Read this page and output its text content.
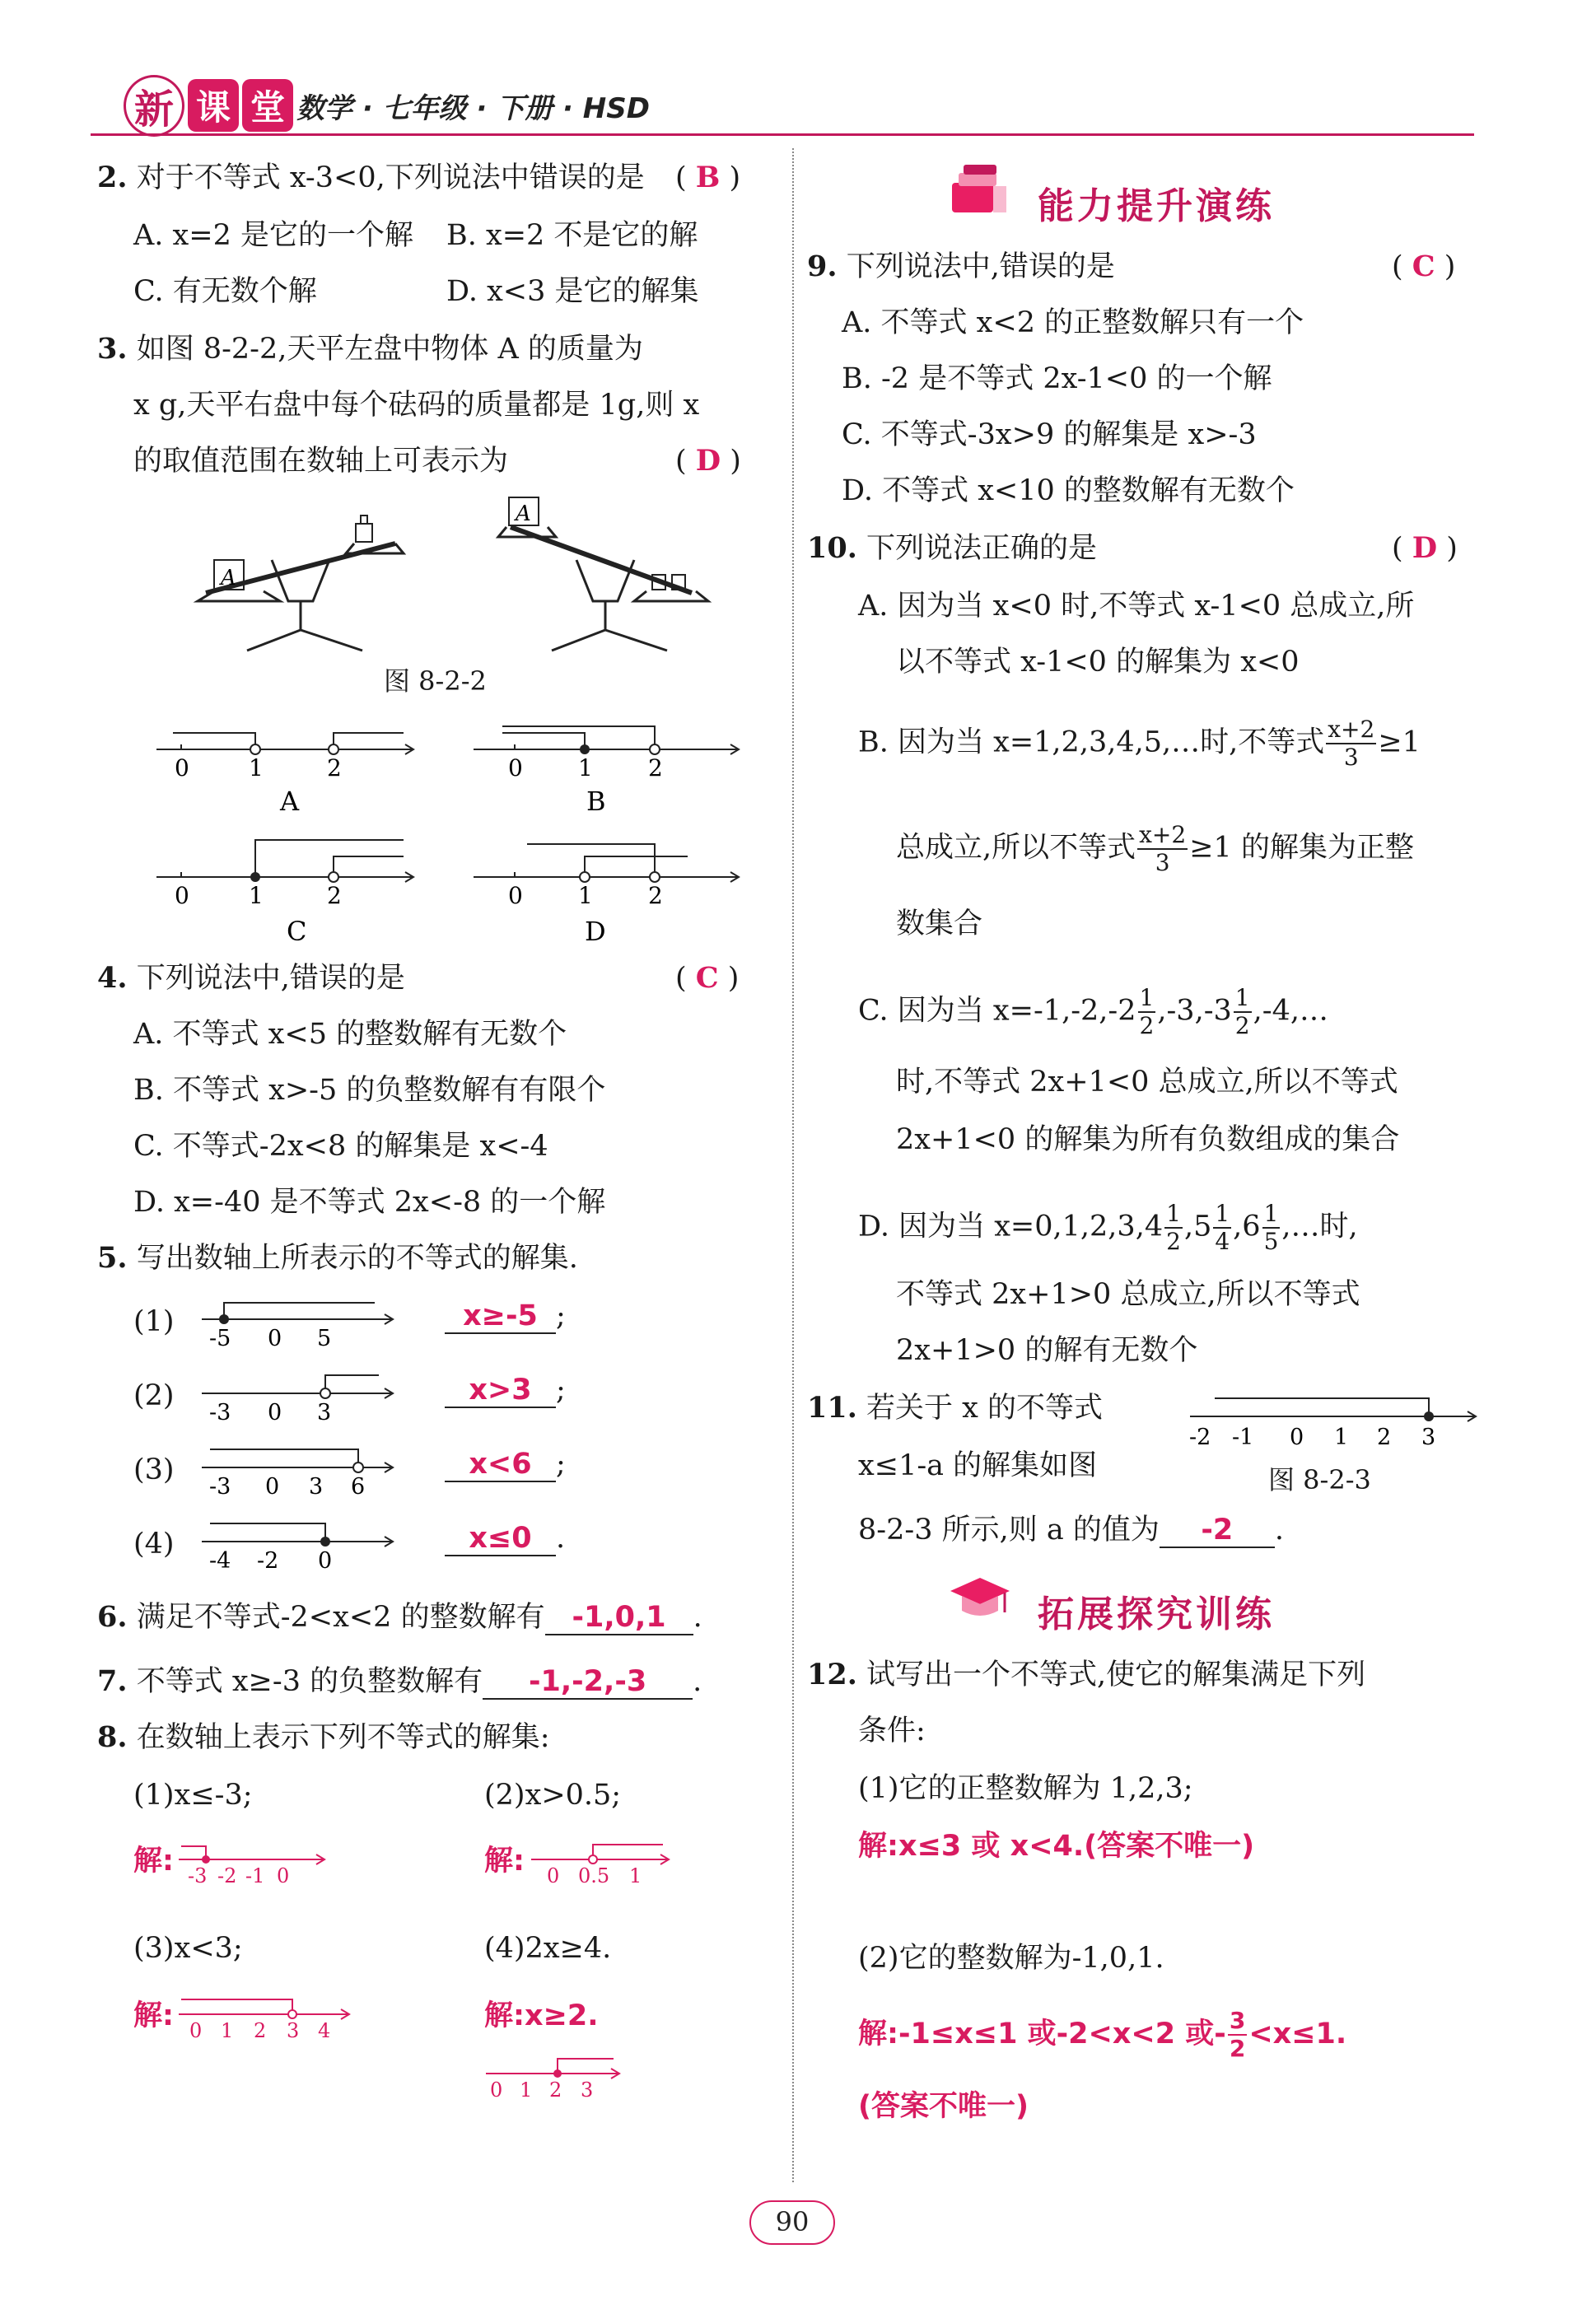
新 课 堂 数学 · 七年级 · 下册 · HSD
2. 对于不等式 x-3<0,下列说法中错误的是 ( B )
A. x=2 是它的一个解 B. x=2 不是它的解
C. 有无数个解	D. x<3 是它的解集
3. 如图 8-2-2,天平左盘中物体 A 的质量为
x g,天平右盘中每个砝码的质量都是 1g,则 x
的取值范围在数轴上可表示为	( D )
A
A
图 8-2-2
0	1	2
A
0 1 2
B
0	1	2
C
0 1 2
D
4. 下列说法中,错误的是	( C )
A. 不等式 x<5 的整数解有无数个
B. 不等式 x>-5 的负整数解有有限个
C. 不等式-2x<8 的解集是 x<-4
D. x=-40 是不等式 2x<-8 的一个解
5. 写出数轴上所表示的不等式的解集.
(1)
-5 0 5
x≥-5 ;
(2)
-3 0 3
x>3 ;
(3)
-3 0 3 6
x<6 ;
(4)
-4 -2 0
x≤0 .
6. 满足不等式-2<x<2 的整数解有 -1,0,1 .
7. 不等式 x≥-3 的负整数解有 -1,-2,-3 .
8. 在数轴上表示下列不等式的解集:
(1)x≤-3;	(2)x>0.5;
解: -3 -2 -1 0	解: 0 0.5 1
(3)x<3;	(4)2x≥4.
解: 0 1 2 3 4	解:x≥2.
0 1 2 3
能力提升演练
9. 下列说法中,错误的是	( C )
A. 不等式 x<2 的正整数解只有一个
B. -2 是不等式 2x-1<0 的一个解
C. 不等式-3x>9 的解集是 x>-3
D. 不等式 x<10 的整数解有无数个
10. 下列说法正确的是	( D )
A. 因为当 x<0 时,不等式 x-1<0 总成立,所
以不等式 x-1<0 的解集为 x<0
B. 因为当 x=1,2,3,4,5,…时,不等式 $\frac{x+2}{3} \ge 1$
总成立,所以不等式 $\frac{x+2}{3} \ge 1$ 的解集为正整
数集合
C. 因为当 $x=-1,-2,-2 \frac{1}{2} ,-3,-3 \frac{1}{2}$ ,-4,…
时,不等式 2x+1<0 总成立,所以不等式
2x+1<0 的解集为所有负数组成的集合
D. 因为当 $x=0,1,2,3,4 \frac{1}{2} ,5 \frac{1}{4} ,6 \frac{1}{5}$ ,…时,
不等式 2x+1>0 总成立,所以不等式
2x+1>0 的解有无数个
11. 若关于 x 的不等式
x≤1-a 的解集如图
8-2-3 所示,则 a 的值为 -2 .
-2 -1 0 1 2 3
图 8-2-3
拓展探究训练
12. 试写出一个不等式,使它的解集满足下列
条件:
(1)它的正整数解为 1,2,3;
解:x≤3 或 x<4.(答案不唯一)
(2)它的整数解为-1,0,1.
解:-1≤x≤1 或-2<x<2 或- $\frac{3}{2} <x\le 1$.
(答案不唯一)
90
